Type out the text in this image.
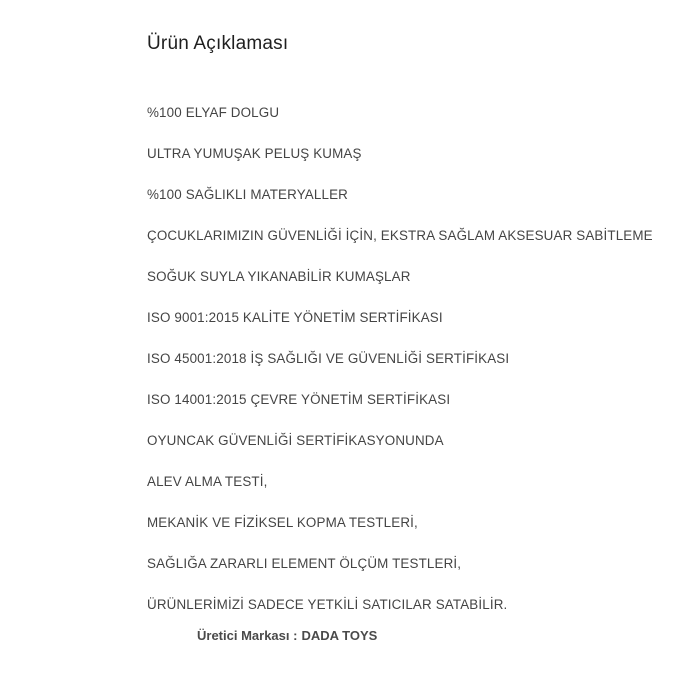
Ürün Açıklaması
%100 ELYAF DOLGU
ULTRA YUMUŞAK PELUŞ KUMAŞ
%100 SAĞLIKLI MATERYALLER
ÇOCUKLARIMIZIN GÜVENLİĞİ İÇİN, EKSTRA SAĞLAM AKSESUAR SABİTLEME
SOĞUK SUYLA YIKANABİLİR KUMAŞLAR
ISO 9001:2015 KALİTE YÖNETİM SERTİFİKASI
ISO 45001:2018 İŞ SAĞLIĞI VE GÜVENLİĞİ SERTİFİKASI
ISO 14001:2015 ÇEVRE YÖNETİM SERTİFİKASI
OYUNCAK GÜVENLİĞİ SERTİFİKASYONUNDA
ALEV ALMA TESTİ,
MEKANİK VE FİZİKSEL KOPMA TESTLERİ,
SAĞLIĞA ZARARLI ELEMENT ÖLÇÜM TESTLERİ,
ÜRÜNLERİMİZİ SADECE YETKİLİ SATICILAR SATABİLİR.
Üretici Markası : DADA TOYS
